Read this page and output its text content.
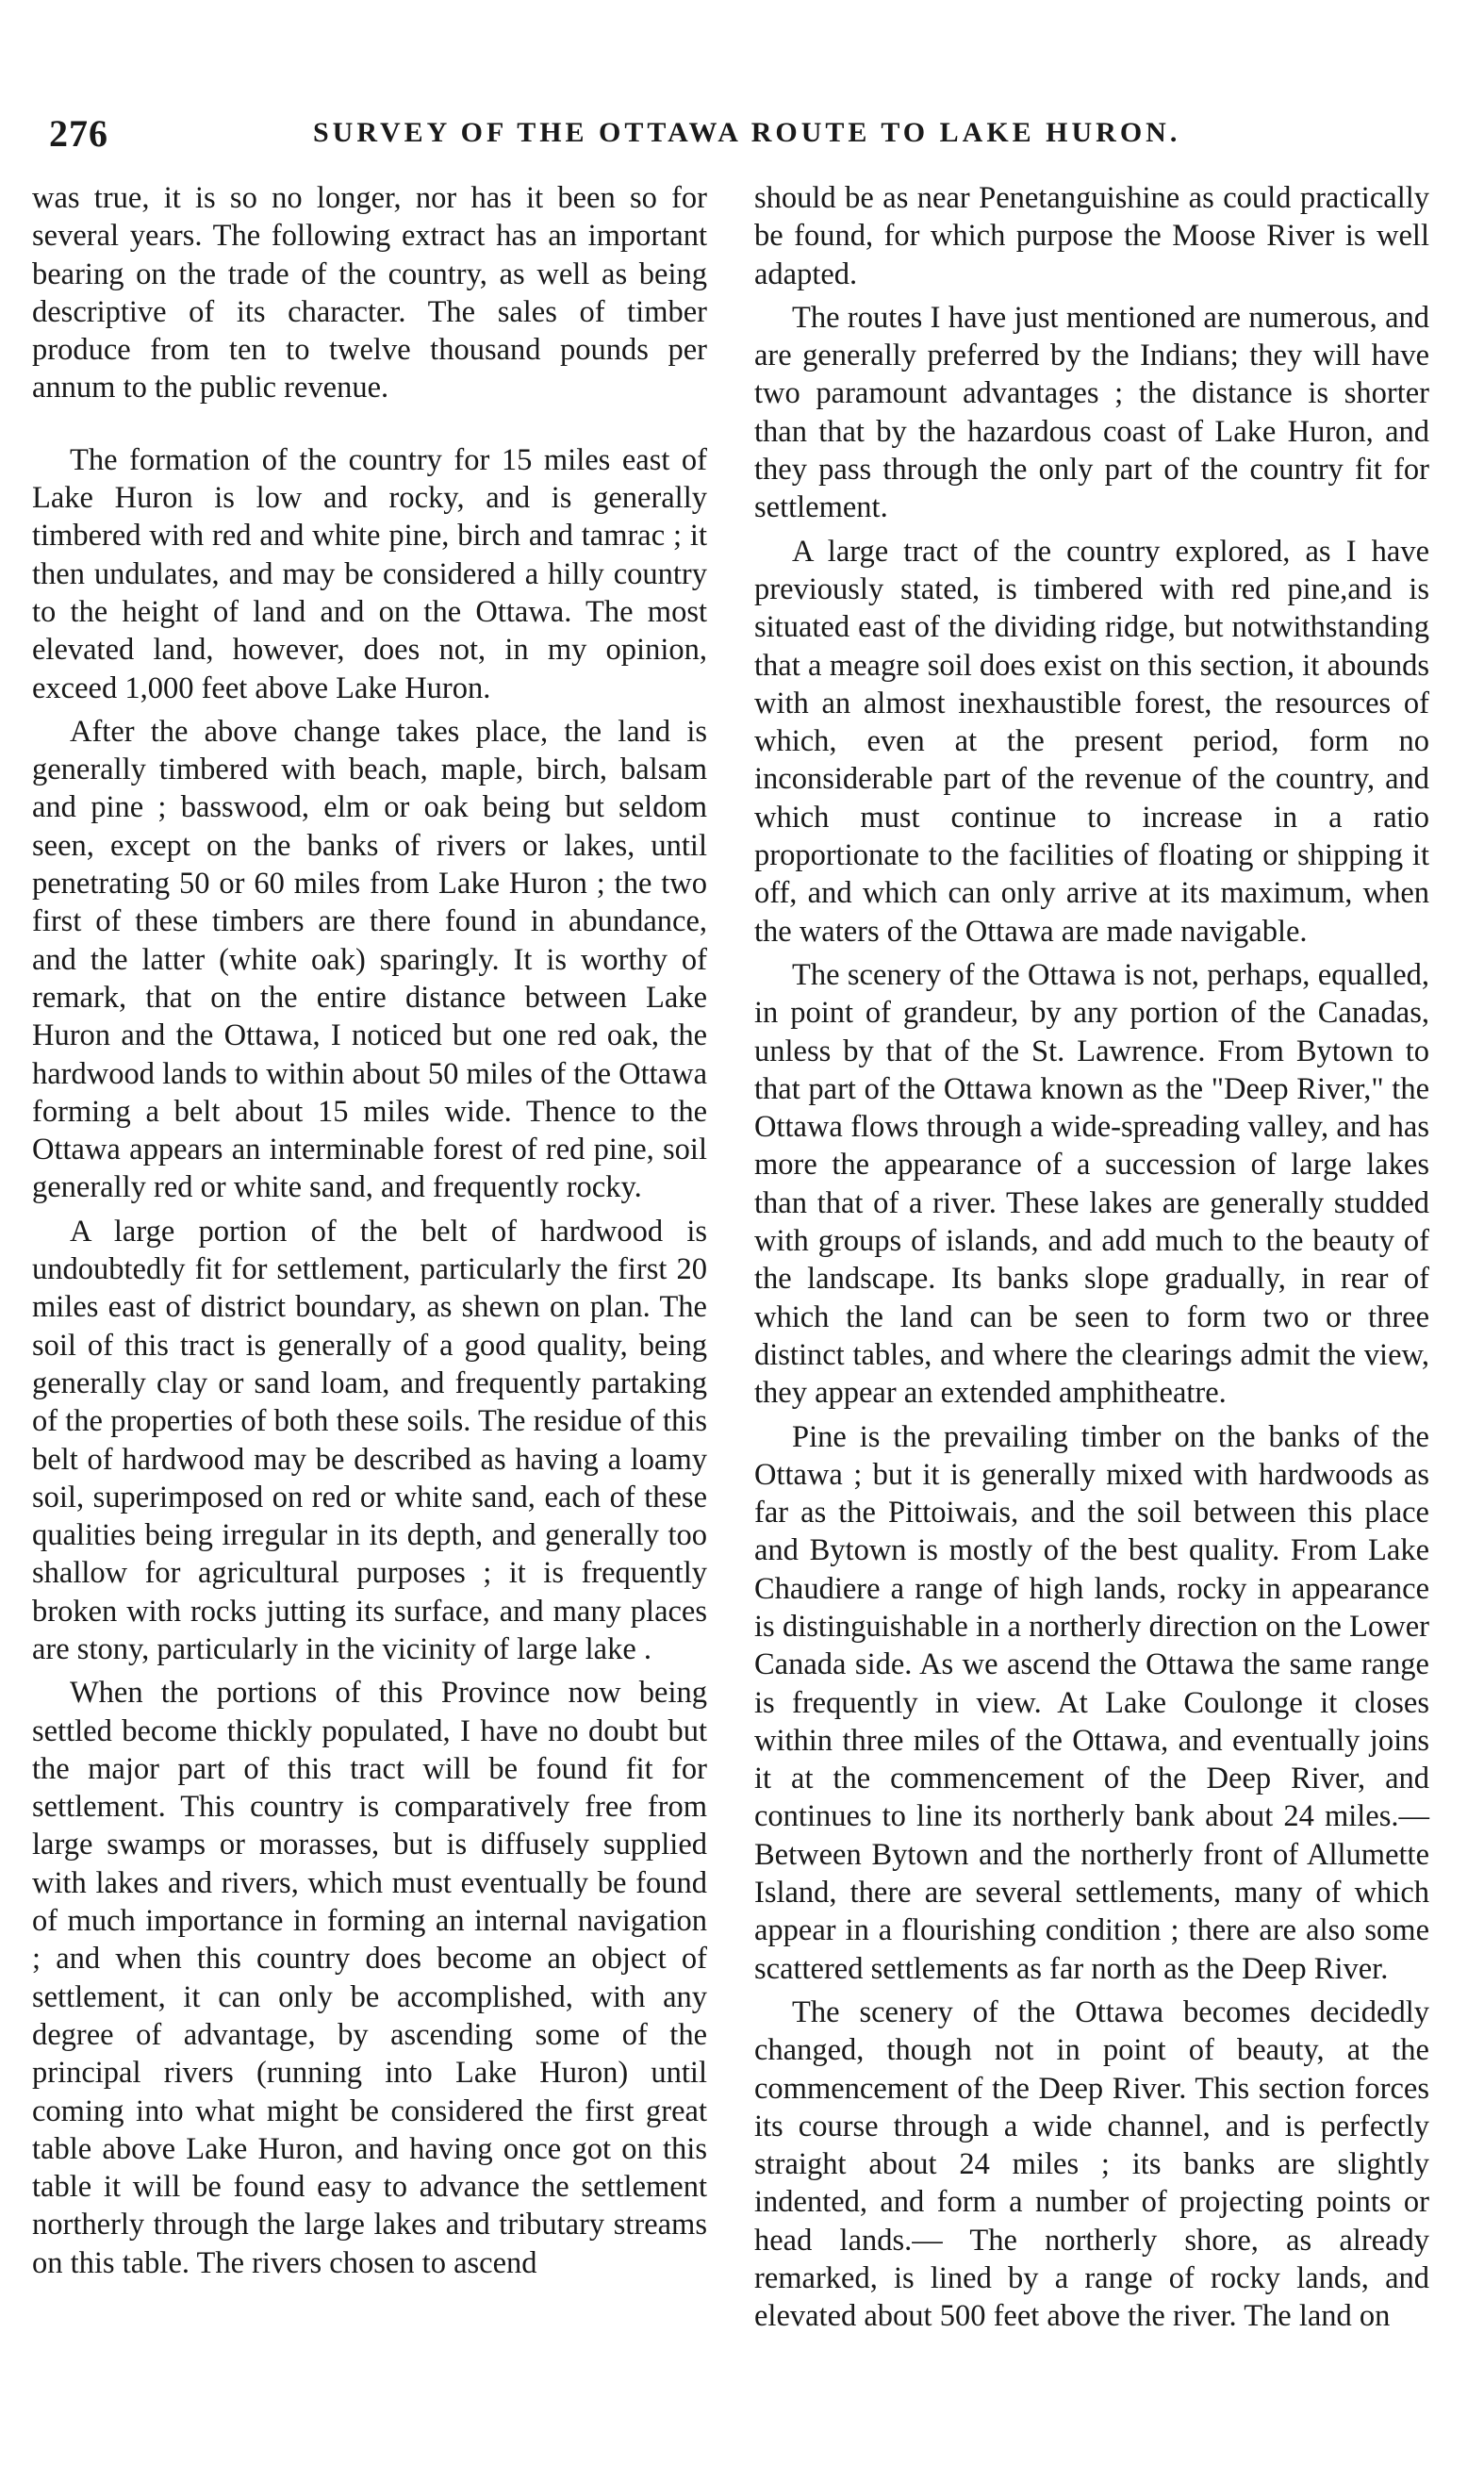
276	SURVEY OF THE OTTAWA ROUTE TO LAKE HURON.

was true, it is so no longer, nor has it been so for several years. The following extract has an important bearing on the trade of the country, as well as being descriptive of its character. The sales of timber produce from ten to twelve thousand pounds per annum to the public revenue.

The formation of the country for 15 miles east of Lake Huron is low and rocky, and is generally timbered with red and white pine, birch and tamrac ; it then undulates, and may be considered a hilly country to the height of land and on the Ottawa. The most elevated land, however, does not, in my opinion, exceed 1,000 feet above Lake Huron.

After the above change takes place, the land is generally timbered with beach, maple, birch, balsam and pine ; basswood, elm or oak being but seldom seen, except on the banks of rivers or lakes, until penetrating 50 or 60 miles from Lake Huron ; the two first of these timbers are there found in abundance, and the latter (white oak) sparingly. It is worthy of remark, that on the entire distance between Lake Huron and the Ottawa, I noticed but one red oak, the hardwood lands to within about 50 miles of the Ottawa forming a belt about 15 miles wide. Thence to the Ottawa appears an interminable forest of red pine, soil generally red or white sand, and frequently rocky.

A large portion of the belt of hardwood is undoubtedly fit for settlement, particularly the first 20 miles east of district boundary, as shewn on plan. The soil of this tract is generally of a good quality, being generally clay or sand loam, and frequently partaking of the properties of both these soils. The residue of this belt of hardwood may be described as having a loamy soil, superimposed on red or white sand, each of these qualities being irregular in its depth, and generally too shallow for agricultural purposes ; it is frequently broken with rocks jutting its surface, and many places are stony, particularly in the vicinity of large lake .

When the portions of this Province now being settled become thickly populated, I have no doubt but the major part of this tract will be found fit for settlement. This country is comparatively free from large swamps or morasses, but is diffusely supplied with lakes and rivers, which must eventually be found of much importance in forming an internal navigation ; and when this country does become an object of settlement, it can only be accomplished, with any degree of advantage, by ascending some of the principal rivers (running into Lake Huron) until coming into what might be considered the first great table above Lake Huron, and having once got on this table it will be found easy to advance the settlement northerly through the large lakes and tributary streams on this table. The rivers chosen to ascend

should be as near Penetanguishine as could practically be found, for which purpose the Moose River is well adapted.

The routes I have just mentioned are numerous, and are generally preferred by the Indians; they will have two paramount advantages ; the distance is shorter than that by the hazardous coast of Lake Huron, and they pass through the only part of the country fit for settlement.

A large tract of the country explored, as I have previously stated, is timbered with red pine,and is situated east of the dividing ridge, but notwithstanding that a meagre soil does exist on this section, it abounds with an almost inexhaustible forest, the resources of which, even at the present period, form no inconsiderable part of the revenue of the country, and which must continue to increase in a ratio proportionate to the facilities of floating or shipping it off, and which can only arrive at its maximum, when the waters of the Ottawa are made navigable.

The scenery of the Ottawa is not, perhaps, equalled, in point of grandeur, by any portion of the Canadas, unless by that of the St. Lawrence. From Bytown to that part of the Ottawa known as the "Deep River," the Ottawa flows through a wide-spreading valley, and has more the appearance of a succession of large lakes than that of a river. These lakes are generally studded with groups of islands, and add much to the beauty of the landscape. Its banks slope gradually, in rear of which the land can be seen to form two or three distinct tables, and where the clearings admit the view, they appear an extended amphitheatre.

Pine is the prevailing timber on the banks of the Ottawa ; but it is generally mixed with hardwoods as far as the Pittoiwais, and the soil between this place and Bytown is mostly of the best quality. From Lake Chaudiere a range of high lands, rocky in appearance is distinguishable in a northerly direction on the Lower Canada side. As we ascend the Ottawa the same range is frequently in view. At Lake Coulonge it closes within three miles of the Ottawa, and eventually joins it at the commencement of the Deep River, and continues to line its northerly bank about 24 miles.— Between Bytown and the northerly front of Allumette Island, there are several settlements, many of which appear in a flourishing condition ; there are also some scattered settlements as far north as the Deep River.

The scenery of the Ottawa becomes decidedly changed, though not in point of beauty, at the commencement of the Deep River. This section forces its course through a wide channel, and is perfectly straight about 24 miles ; its banks are slightly indented, and form a number of projecting points or head lands.— The northerly shore, as already remarked, is lined by a range of rocky lands, and elevated about 500 feet above the river. The land on
